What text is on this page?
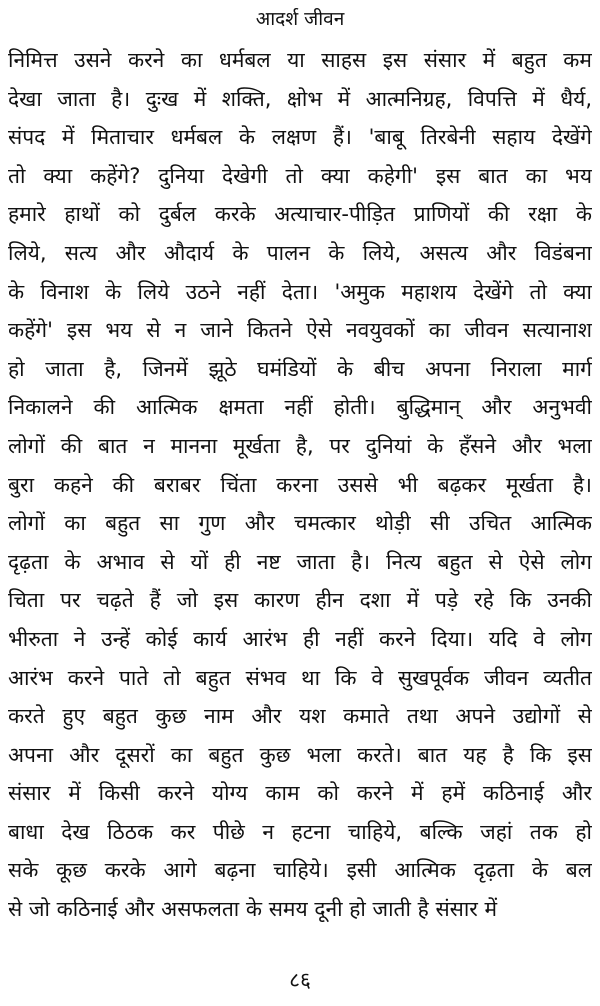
आदर्श जीवन
निमित्त उसने करने का धर्मबल या साहस इस संसार में बहुत कम
देखा जाता है। दुःख में शक्ति, क्षोभ में आत्मनिग्रह, विपत्ति में धैर्य,
संपद में मिताचार धर्मबल के लक्षण हैं। 'बाबू तिरबेनी सहाय देखेंगे
तो क्या कहेंगे? दुनिया देखेगी तो क्या कहेगी' इस बात का भय
हमारे हाथों को दुर्बल करके अत्याचार-पीड़ित प्राणियों की रक्षा के
लिये, सत्य और औदार्य के पालन के लिये, असत्य और विडंबना
के विनाश के लिये उठने नहीं देता। 'अमुक महाशय देखेंगे तो क्या
कहेंगे' इस भय से न जाने कितने ऐसे नवयुवकों का जीवन सत्यानाश
हो जाता है, जिनमें झूठे घमंडियों के बीच अपना निराला मार्ग
निकालने की आत्मिक क्षमता नहीं होती। बुद्धिमान् और अनुभवी
लोगों की बात न मानना मूर्खता है, पर दुनियां के हँसने और भला
बुरा कहने की बराबर चिंता करना उससे भी बढ़कर मूर्खता है।
लोगों का बहुत सा गुण और चमत्कार थोड़ी सी उचित आत्मिक
दृढ़ता के अभाव से यों ही नष्ट जाता है। नित्य बहुत से ऐसे लोग
चिता पर चढ़ते हैं जो इस कारण हीन दशा में पड़े रहे कि उनकी
भीरुता ने उन्हें कोई कार्य आरंभ ही नहीं करने दिया। यदि वे लोग
आरंभ करने पाते तो बहुत संभव था कि वे सुखपूर्वक जीवन व्यतीत
करते हुए बहुत कुछ नाम और यश कमाते तथा अपने उद्योगों से
अपना और दूसरों का बहुत कुछ भला करते। बात यह है कि इस
संसार में किसी करने योग्य काम को करने में हमें कठिनाई और
बाधा देख ठिठक कर पीछे न हटना चाहिये, बल्कि जहां तक हो
सके कूछ करके आगे बढ़ना चाहिये। इसी आत्मिक दृढ़ता के बल
से जो कठिनाई और असफलता के समय दूनी हो जाती है संसार में
८६
